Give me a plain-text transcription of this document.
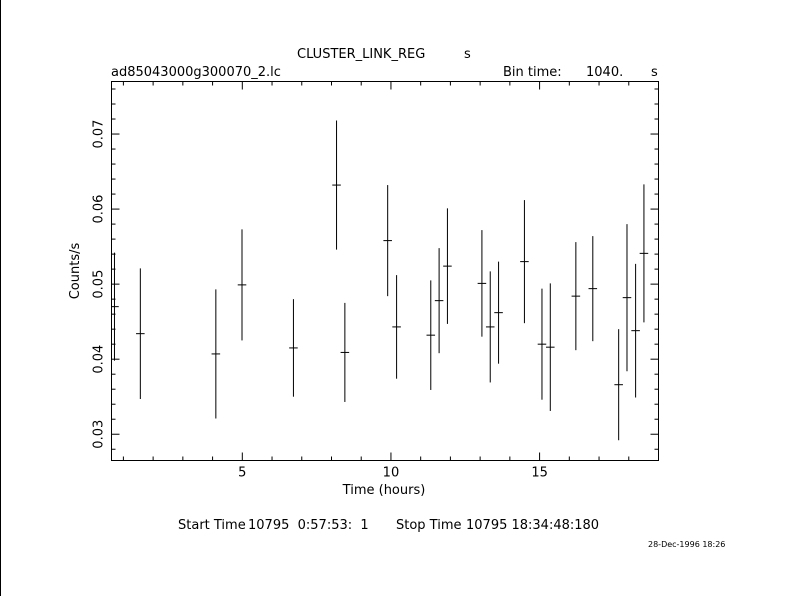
CLUSTER_LINK_REG	s
ad85043000g300070_2.lc	Bin time: 1040. s
5	10	15
0.03
0.04
0.05
0.06
0.07
Time (hours)
Counts/s
Start Time 10795  0:57:53:  1 Stop Time 10795 18:34:48:180
28-Dec-1996 18:26
